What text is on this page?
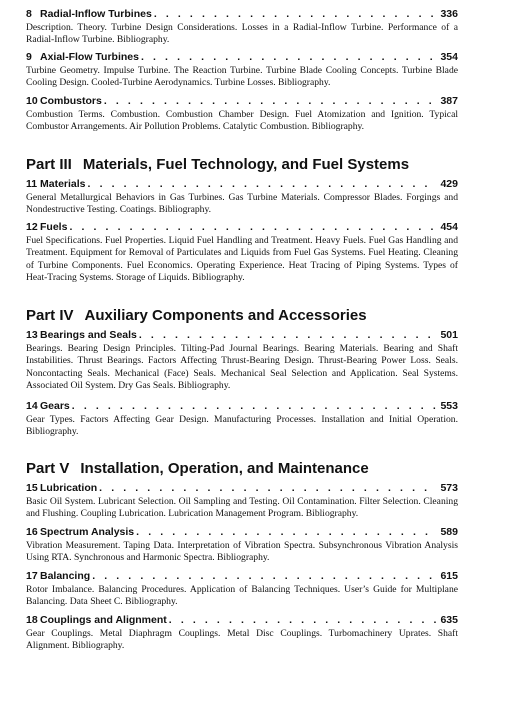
8 Radial-Inflow Turbines . . .	336

Description. Theory. Turbine Design Considerations. Losses in a Radial-Inflow Turbine. Performance of a Radial-Inflow Turbine. Bibliography.

9 Axial-Flow Turbines . . .	354

Turbine Geometry. Impulse Turbine. The Reaction Turbine. Turbine Blade Cooling Concepts. Turbine Blade Cooling Design. Cooled-Turbine Aerodynamics. Turbine Losses. Bibliography.

10 Combustors . . .	387

Combustion Terms. Combustion. Combustion Chamber Design. Fuel Atomization and Ignition. Typical Combustor Arrangements. Air Pollution Problems. Catalytic Combustion. Bibliography.

Part III Materials, Fuel Technology, and Fuel Systems
11 Materials . . .	429

General Metallurgical Behaviors in Gas Turbines. Gas Turbine Materials. Compressor Blades. Forgings and Nondestructive Testing. Coatings. Bibliography.

12 Fuels . . .	454

Fuel Specifications. Fuel Properties. Liquid Fuel Handling and Treatment. Heavy Fuels. Fuel Gas Handling and Treatment. Equipment for Removal of Particulates and Liquids from Fuel Gas Systems. Fuel Heating. Cleaning of Turbine Components. Fuel Economics. Operating Experience. Heat Tracing of Piping Systems. Types of Heat-Tracing Systems. Storage of Liquids. Bibliography.

Part IV Auxiliary Components and Accessories
13 Bearings and Seals . . .	501

Bearings. Bearing Design Principles. Tilting-Pad Journal Bearings. Bearing Materials. Bearing and Shaft Instabilities. Thrust Bearings. Factors Affecting Thrust-Bearing Design. Thrust-Bearing Power Loss. Seals. Noncontacting Seals. Mechanical (Face) Seals. Mechanical Seal Selection and Application. Seal Systems. Associated Oil System. Dry Gas Seals. Bibliography.

14 Gears . . .	553

Gear Types. Factors Affecting Gear Design. Manufacturing Processes. Installation and Initial Operation. Bibliography.

Part V Installation, Operation, and Maintenance
15 Lubrication . . .	573

Basic Oil System. Lubricant Selection. Oil Sampling and Testing. Oil Contamination. Filter Selection. Cleaning and Flushing. Coupling Lubrication. Lubrication Management Program. Bibliography.

16 Spectrum Analysis . . .	589

Vibration Measurement. Taping Data. Interpretation of Vibration Spectra. Subsynchronous Vibration Analysis Using RTA. Synchronous and Harmonic Spectra. Bibliography.

17 Balancing . . .	615

Rotor Imbalance. Balancing Procedures. Application of Balancing Techniques. User’s Guide for Multiplane Balancing. Data Sheet C. Bibliography.

18 Couplings and Alignment . . .	635

Gear Couplings. Metal Diaphragm Couplings. Metal Disc Couplings. Turbomachinery Uprates. Shaft Alignment. Bibliography.
